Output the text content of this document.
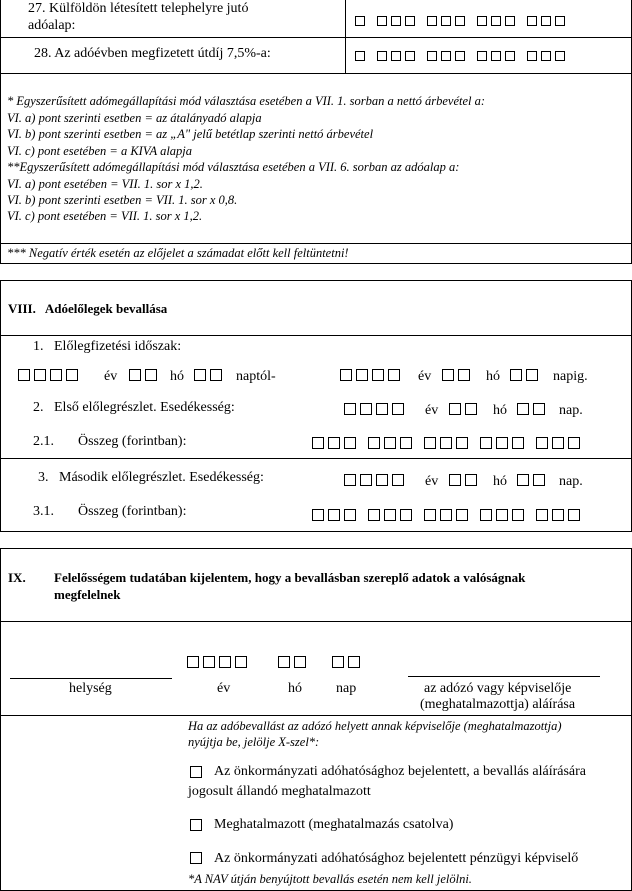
27. Külföldön létesített telephelyre jutó
adóalap:
28. Az adóévben megfizetett útdíj 7,5%-a:
* Egyszerűsített adómegállapítási mód választása esetében a VII. 1. sorban a nettó árbevétel a:
VI. a) pont szerinti esetben = az átalányadó alapja
VI. b) pont szerinti esetben = az „A" jelű betétlap szerinti nettó árbevétel
VI. c) pont esetében = a KIVA alapja
**Egyszerűsített adómegállapítási mód választása esetében a VII. 6. sorban az adóalap a:
VI. a) pont esetében = VII. 1. sor x 1,2.
VI. b) pont szerinti esetben = VII. 1. sor x 0,8.
VI. c) pont esetében = VII. 1. sor x 1,2.
*** Negatív érték esetén az előjelet a számadat előtt kell feltüntetni!
VIII.   Adóelőlegek bevallása
1.   Előlegfizetési időszak:
év	hó	naptól-	év	hó	napig.
2.   Első előlegrészlet. Esedékesség:	év	hó	nap.
2.1. Összeg (forintban):
3.   Második előlegrészlet. Esedékesség:	év	hó	nap.
3.1. Összeg (forintban):
IX. Felelősségem tudatában kijelentem, hogy a bevallásban szereplő adatok a valóságnak
megfelelnek
helység	év	hó nap	az adózó vagy képviselője
(meghatalmazottja) aláírása
Ha az adóbevallást az adózó helyett annak képviselője (meghatalmazottja)
nyújtja be, jelölje X-szel*:
Az önkormányzati adóhatósághoz bejelentett, a bevallás aláírására
jogosult állandó meghatalmazott
Meghatalmazott (meghatalmazás csatolva)
Az önkormányzati adóhatósághoz bejelentett pénzügyi képviselő
*A NAV útján benyújtott bevallás esetén nem kell jelölni.
